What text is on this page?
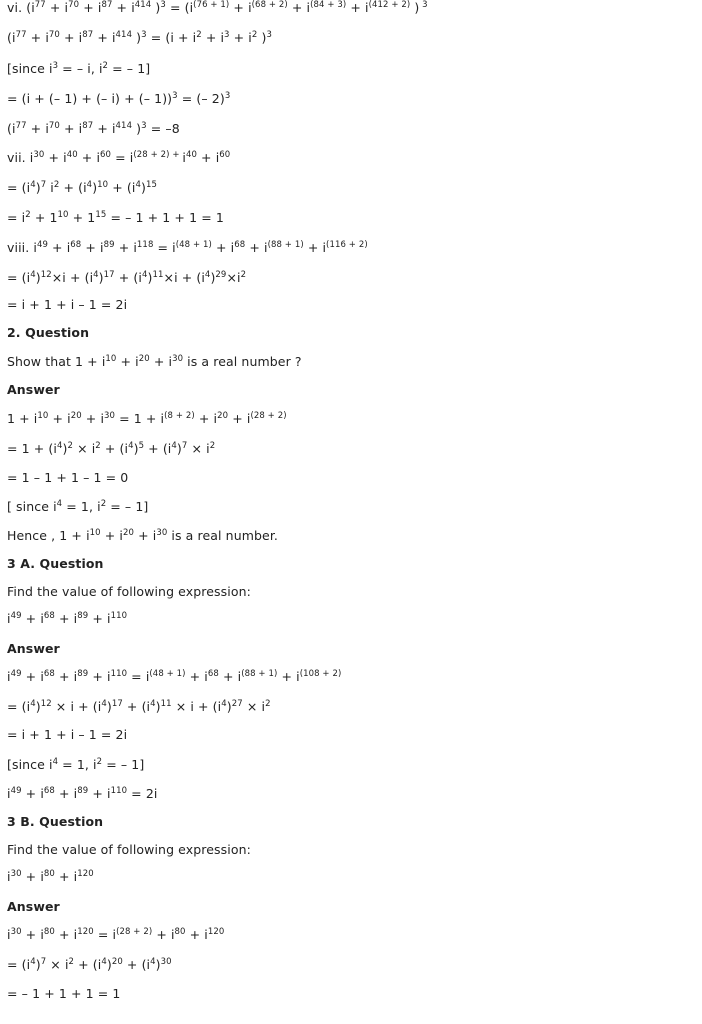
vi. ($i^{77} + i^{70} + i^{87} + i^{414}$ )$^3 = (i^{(76 + 1)} + i^{(68 + 2)} + i^{(84 + 3)} + i^{(412 + 2)}$ ) $^3$
($i^{77} + i^{70} + i^{87} + i^{414}$ )$^3 = (i + i^2 + i^3 + i^2$ )$^3$
[since $i^3$ = – i, $i^2$ = – 1]
= (i + (– 1) + (– i) + (– 1))$^3$ = (– 2)$^3$
($i^{77} + i^{70} + i^{87} + i^{414}$ )$^3$ = –8
vii. $i^{30} + i^{40} + i^{60} = i^{(28 + 2) +}$ $i^{40} + i^{60}$
= $(i^4)^7$ $i^2 + (i^4)^{10} + (i^4)^{15}$
= $i^2 + 1^{10} + 1^{15}$ = – 1 + 1 + 1 = 1
viii. $i^{49} + i^{68} + i^{89} + i^{118} = i^{(48 + 1)} + i^{68} + i^{(88 + 1)} + i^{(116 + 2)}$
= $(i^4)^{12}\times i + (i^4)^{17} + (i^4)^{11}\times i + (i^4)^{29}\times i^2$
= i + 1 + i – 1 = 2i
2. Question
Show that $1 + i^{10} + i^{20} + i^{30}$ is a real number ?
Answer
$1 + i^{10} + i^{20} + i^{30} = 1 + i^{(8 + 2)} + i^{20} + i^{(28 + 2)}$
= $1 + (i^4)^2 \times i^2 + (i^4)^5 + (i^4)^7 \times i^2$
= 1 – 1 + 1 – 1 = 0
[ since $i^4 = 1$, $i^2$ = – 1]
Hence , $1 + i^{10} + i^{20} + i^{30}$ is a real number.
3 A. Question
Find the value of following expression:
$i^{49} + i^{68} + i^{89} + i^{110}$
Answer
$i^{49} + i^{68} + i^{89} + i^{110} = i^{(48 + 1)} + i^{68} + i^{(88 + 1)} + i^{(108 + 2)}$
= $(i^4)^{12} \times i + (i^4)^{17} + (i^4)^{11} \times i + (i^4)^{27} \times i^2$
= i + 1 + i – 1 = 2i
[since $i^4 = 1$, $i^2$ = – 1]
$i^{49} + i^{68} + i^{89} + i^{110} = 2i$
3 B. Question
Find the value of following expression:
$i^{30} + i^{80} + i^{120}$
Answer
$i^{30} + i^{80} + i^{120} = i^{(28 + 2)} + i^{80} + i^{120}$
= $(i^4)^7 \times i^2 + (i^4)^{20} + (i^4)^{30}$
= – 1 + 1 + 1 = 1
